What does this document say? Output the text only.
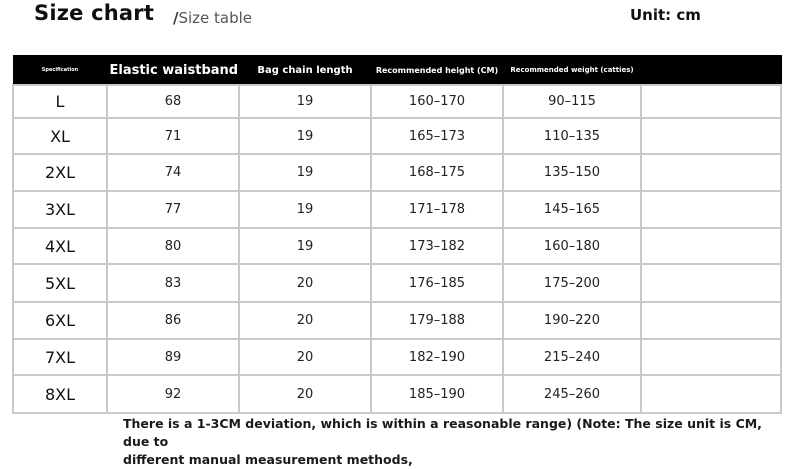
Size chart /Size table	Unit: cm
Specification	Elastic waistband	Bag chain length	Recommended height (CM)	Recommended weight (catties)	
L	68	19	160–170	90–115	
XL	71	19	165–173	110–135	
2XL	74	19	168–175	135–150	
3XL	77	19	171–178	145–165	
4XL	80	19	173–182	160–180	
5XL	83	20	176–185	175–200	
6XL	86	20	179–188	190–220	
7XL	89	20	182–190	215–240	
8XL	92	20	185–190	245–260	
There is a 1-3CM deviation, which is within a reasonable range) (Note: The size unit is CM, due to
different manual measurement methods,
